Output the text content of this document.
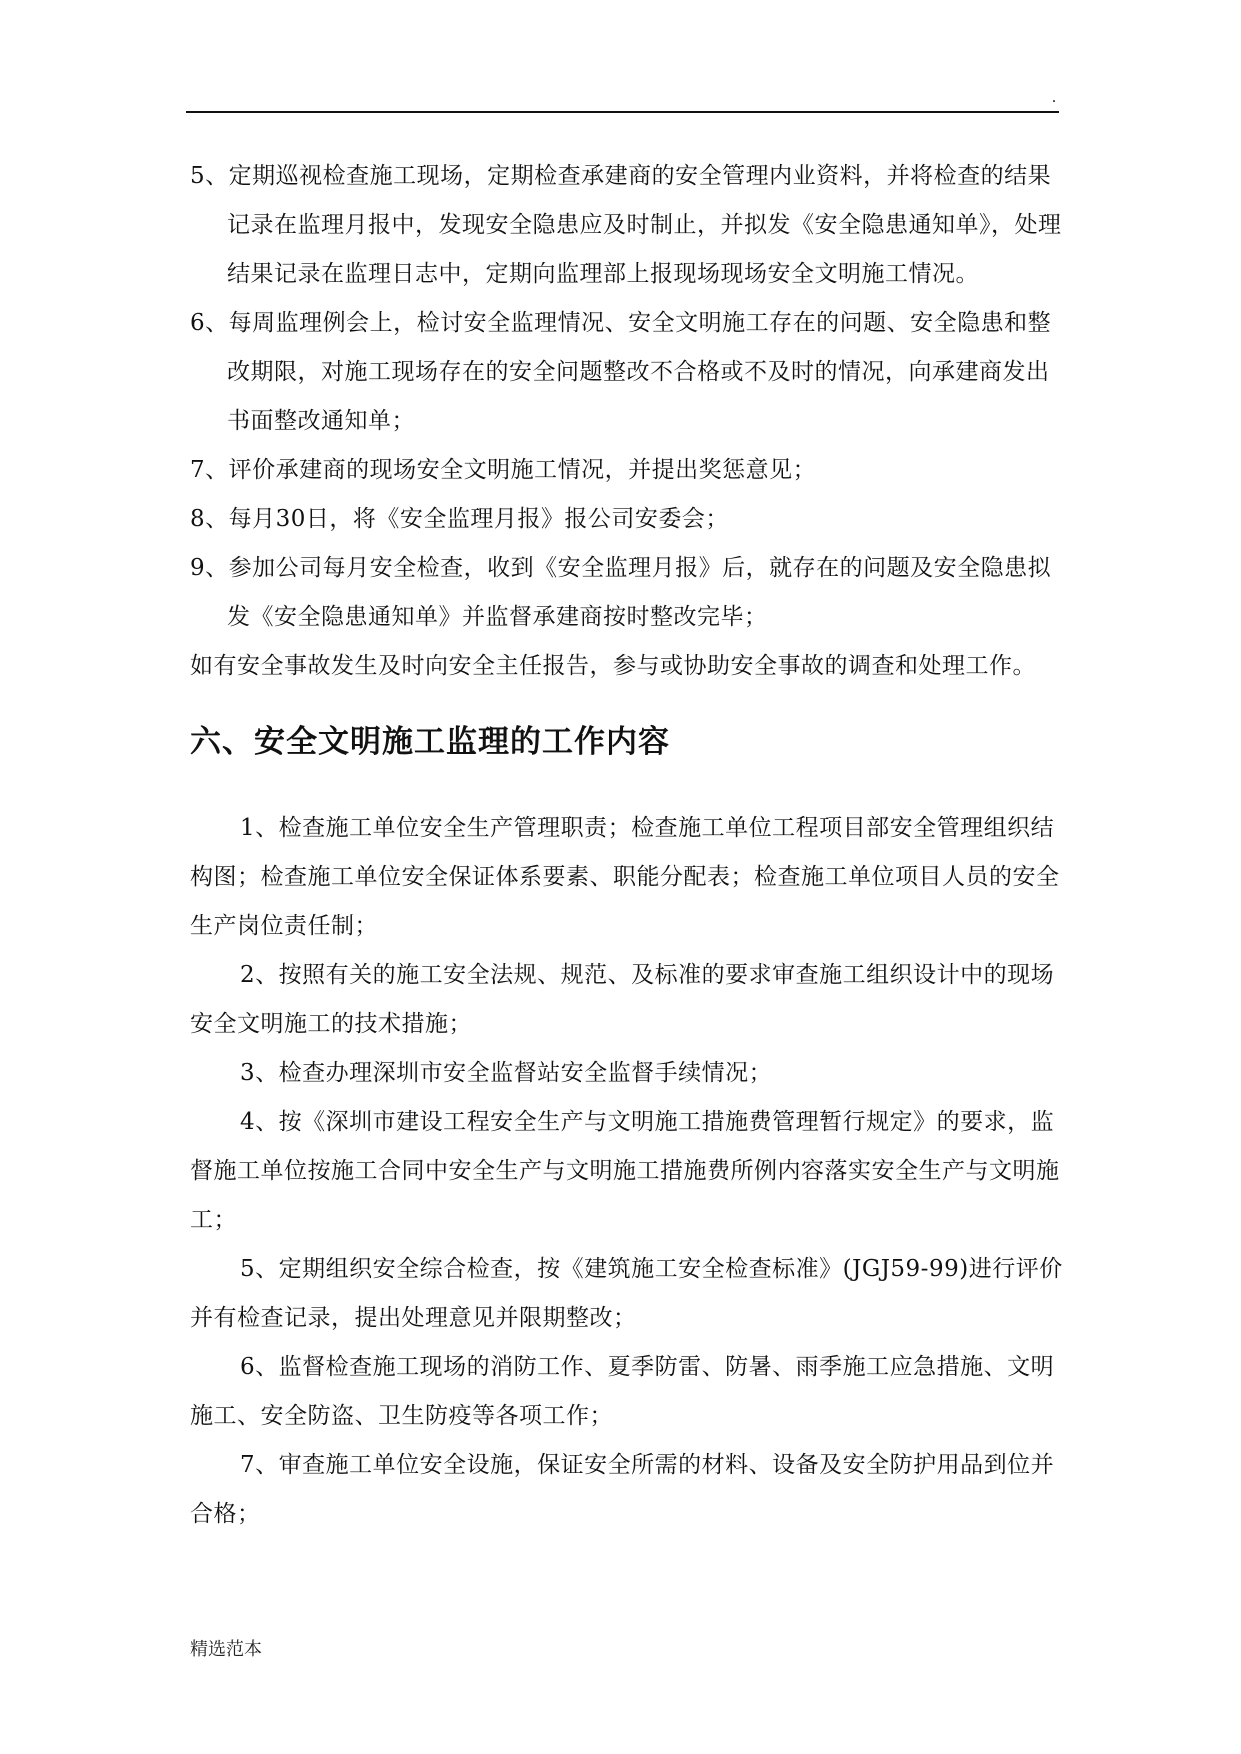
.

5、定期巡视检查施工现场，定期检查承建商的安全管理内业资料，并将检查的结果记录在监理月报中，发现安全隐患应及时制止，并拟发《安全隐患通知单》，处理结果记录在监理日志中，定期向监理部上报现场现场安全文明施工情况。

6、每周监理例会上，检讨安全监理情况、安全文明施工存在的问题、安全隐患和整改期限，对施工现场存在的安全问题整改不合格或不及时的情况，向承建商发出书面整改通知单；

7、评价承建商的现场安全文明施工情况，并提出奖惩意见；

8、每月30日，将《安全监理月报》报公司安委会；

9、参加公司每月安全检查，收到《安全监理月报》后，就存在的问题及安全隐患拟发《安全隐患通知单》并监督承建商按时整改完毕；

如有安全事故发生及时向安全主任报告，参与或协助安全事故的调查和处理工作。

六、安全文明施工监理的工作内容

1、检查施工单位安全生产管理职责；检查施工单位工程项目部安全管理组织结构图；检查施工单位安全保证体系要素、职能分配表；检查施工单位项目人员的安全生产岗位责任制；

2、按照有关的施工安全法规、规范、及标准的要求审查施工组织设计中的现场安全文明施工的技术措施；

3、检查办理深圳市安全监督站安全监督手续情况；

4、按《深圳市建设工程安全生产与文明施工措施费管理暂行规定》的要求，监督施工单位按施工合同中安全生产与文明施工措施费所例内容落实安全生产与文明施工；

5、定期组织安全综合检查，按《建筑施工安全检查标准》(JGJ59-99)进行评价并有检查记录，提出处理意见并限期整改；

6、监督检查施工现场的消防工作、夏季防雷、防暑、雨季施工应急措施、文明施工、安全防盗、卫生防疫等各项工作；

7、审查施工单位安全设施，保证安全所需的材料、设备及安全防护用品到位并合格；

精选范本
